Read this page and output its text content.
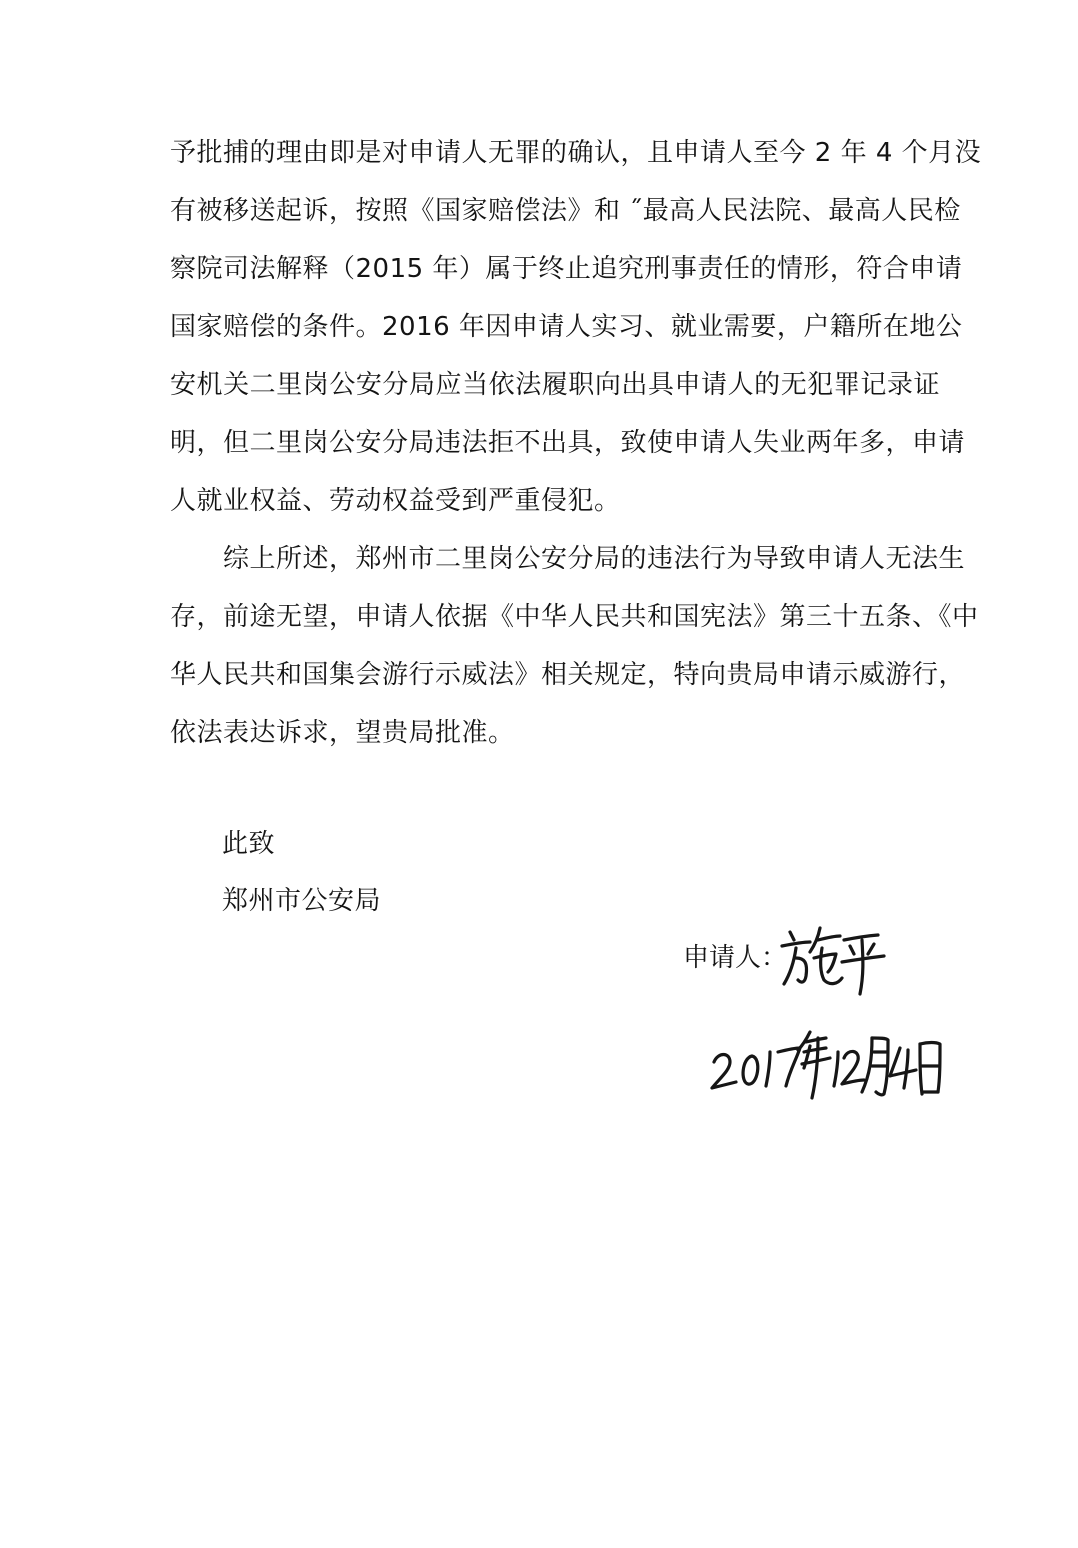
予批捕的理由即是对申请人无罪的确认，且申请人至今 2 年 4 个月没
有被移送起诉，按照《国家赔偿法》和 ˝最高人民法院、最高人民检
察院司法解释（2015 年）属于终止追究刑事责任的情形，符合申请
国家赔偿的条件。2016 年因申请人实习、就业需要，户籍所在地公
安机关二里岗公安分局应当依法履职向出具申请人的无犯罪记录证
明，但二里岗公安分局违法拒不出具，致使申请人失业两年多，申请
人就业权益、劳动权益受到严重侵犯。
　　综上所述，郑州市二里岗公安分局的违法行为导致申请人无法生
存，前途无望，申请人依据《中华人民共和国宪法》第三十五条、《中
华人民共和国集会游行示威法》相关规定，特向贵局申请示威游行，
依法表达诉求，望贵局批准。
此致
郑州市公安局
申请人：
